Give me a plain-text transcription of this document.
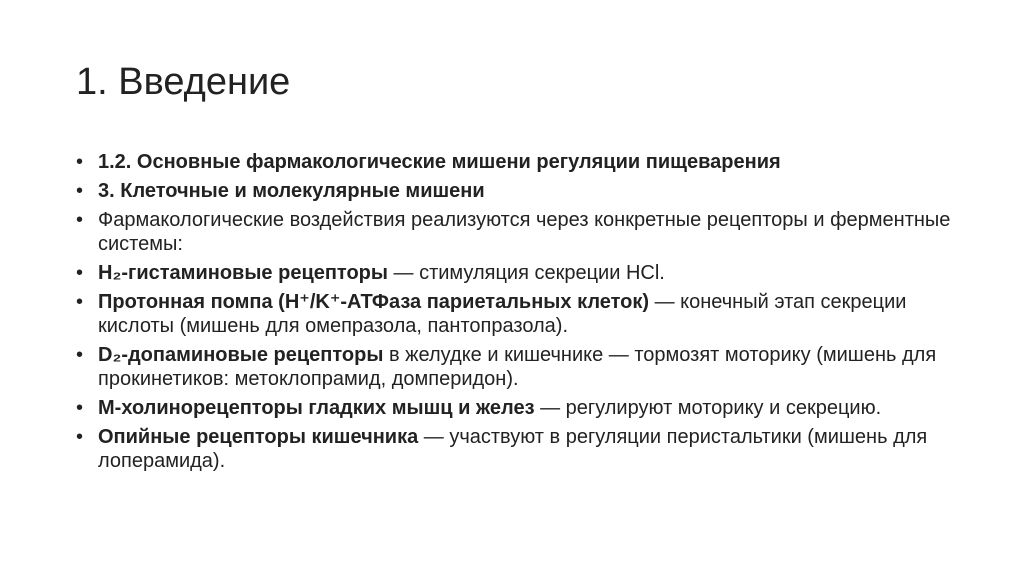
1. Введение
• 1.2. Основные фармакологические мишени регуляции пищеварения
• 3. Клеточные и молекулярные мишени
• Фармакологические воздействия реализуются через конкретные рецепторы и ферментные системы:
• H₂-гистаминовые рецепторы — стимуляция секреции HCl.
• Протонная помпа (H⁺/K⁺-АТФаза париетальных клеток) — конечный этап секреции кислоты (мишень для омепразола, пантопразола).
• D₂-допаминовые рецепторы в желудке и кишечнике — тормозят моторику (мишень для прокинетиков: метоклопрамид, домперидон).
• М-холинорецепторы гладких мышц и желез — регулируют моторику и секрецию.
• Опийные рецепторы кишечника — участвуют в регуляции перистальтики (мишень для лоперамида).
